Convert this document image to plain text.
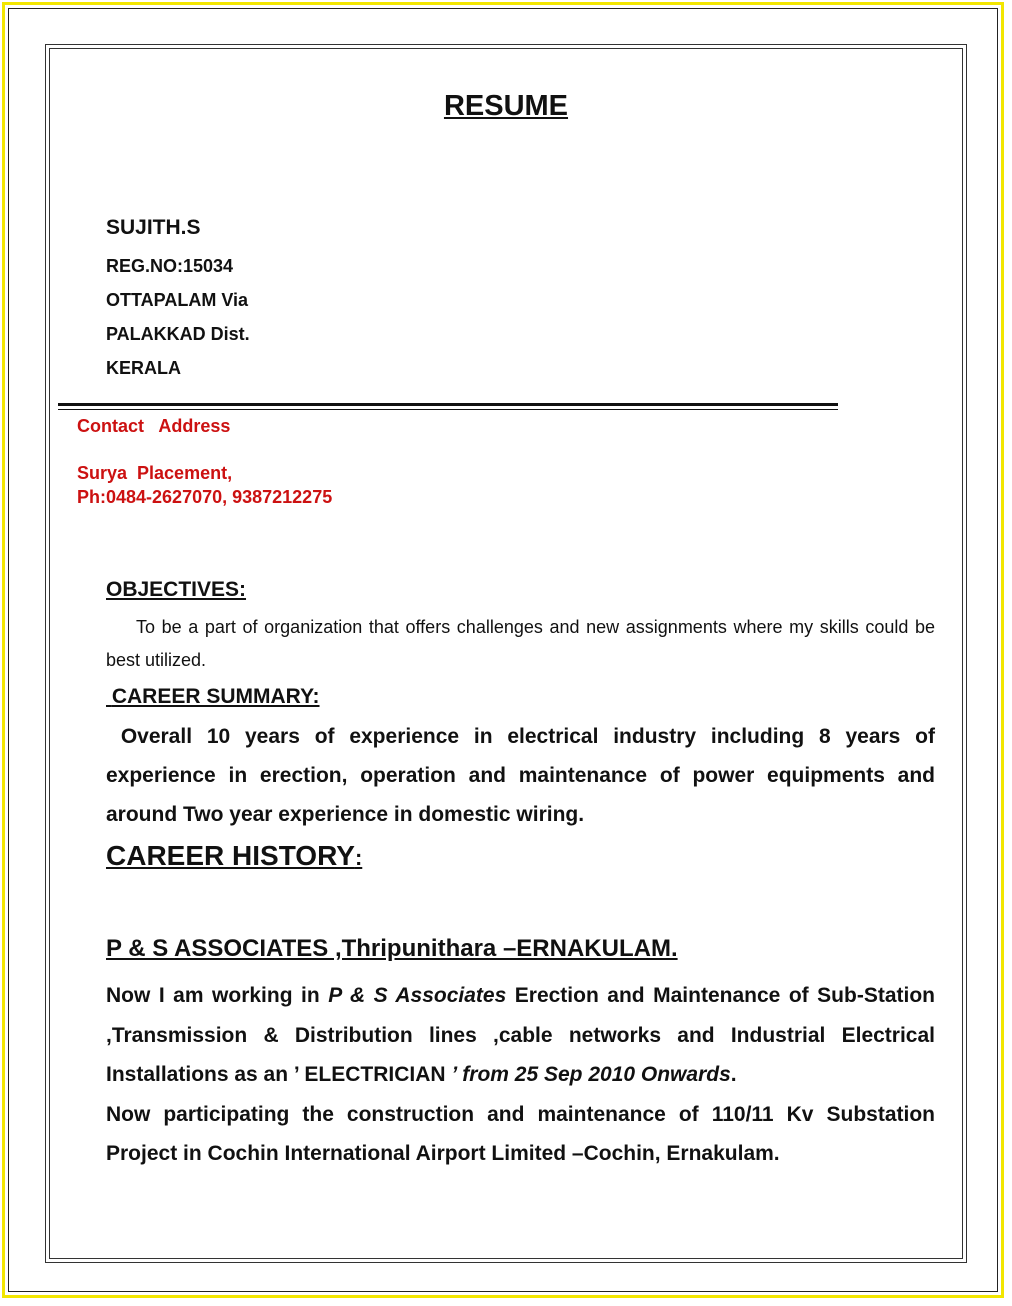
RESUME
SUJITH.S
REG.NO:15034
OTTAPALAM Via
PALAKKAD Dist.
KERALA
Contact   Address
Surya  Placement,
Ph:0484-2627070, 9387212275
OBJECTIVES:
To be a part of organization that offers challenges and new assignments where my skills could be best utilized.
CAREER SUMMARY:
Overall 10 years of experience in electrical industry including 8 years of experience in erection, operation and maintenance of power equipments and around Two year experience in domestic wiring.
CAREER HISTORY:
P & S ASSOCIATES ,Thripunithara –ERNAKULAM.
Now I am working in P & S Associates Erection and Maintenance of Sub-Station ,Transmission & Distribution lines ,cable networks and Industrial Electrical Installations as an ’ ELECTRICIAN ’ from 25 Sep 2010 Onwards.
Now participating the construction and maintenance of 110/11 Kv Substation Project in Cochin International Airport Limited –Cochin, Ernakulam.
